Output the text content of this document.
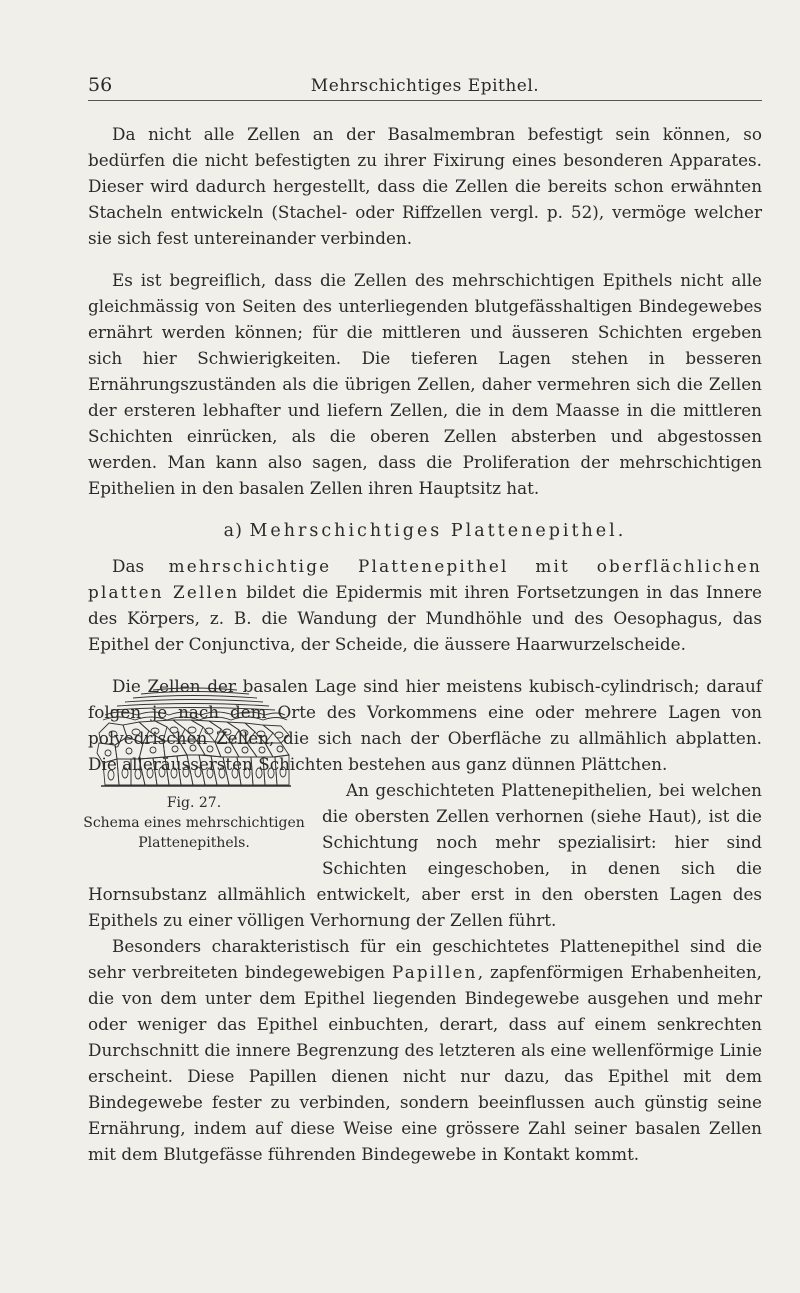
56	Mehrschichtiges Epithel.

Da nicht alle Zellen an der Basalmembran befestigt sein können, so bedürfen die nicht befestigten zu ihrer Fixirung eines besonderen Apparates. Dieser wird dadurch hergestellt, dass die Zellen die bereits schon erwähnten Stacheln entwickeln (Stachel- oder Riffzellen vergl. p. 52), vermöge welcher sie sich fest untereinander verbinden.

Es ist begreiflich, dass die Zellen des mehrschichtigen Epithels nicht alle gleichmässig von Seiten des unterliegenden blutgefässhaltigen Bindegewebes ernährt werden können; für die mittleren und äusseren Schichten ergeben sich hier Schwierigkeiten. Die tieferen Lagen stehen in besseren Ernährungszuständen als die übrigen Zellen, daher vermehren sich die Zellen der ersteren lebhafter und liefern Zellen, die in dem Maasse in die mittleren Schichten einrücken, als die oberen Zellen absterben und abgestossen werden. Man kann also sagen, dass die Proliferation der mehrschichtigen Epithelien in den basalen Zellen ihren Hauptsitz hat.

a) Mehrschichtiges Plattenepithel.

Das mehrschichtige Plattenepithel mit oberflächlichen platten Zellen bildet die Epidermis mit ihren Fortsetzungen in das Innere des Körpers, z. B. die Wandung der Mundhöhle und des Oesophagus, das Epithel der Conjunctiva, der Scheide, die äussere Haarwurzelscheide.

Die Zellen der basalen Lage sind hier meistens kubisch-cylindrisch; darauf folgen je nach dem Orte des Vorkommens eine oder mehrere Lagen von polyedrischen Zellen, die sich nach der Oberfläche zu allmählich abplatten. Die alleräussersten Schichten bestehen aus ganz dünnen Plättchen.

Fig. 27.
Schema eines mehrschichtigen Plattenepithels.

An geschichteten Plattenepithelien, bei welchen die obersten Zellen verhornen (siehe Haut), ist die Schichtung noch mehr spezialisirt: hier sind Schichten eingeschoben, in denen sich die Hornsubstanz allmählich entwickelt, aber erst in den obersten Lagen des Epithels zu einer völligen Verhornung der Zellen führt.

Besonders charakteristisch für ein geschichtetes Plattenepithel sind die sehr verbreiteten bindegewebigen Papillen, zapfenförmigen Erhabenheiten, die von dem unter dem Epithel liegenden Bindegewebe ausgehen und mehr oder weniger das Epithel einbuchten, derart, dass auf einem senkrechten Durchschnitt die innere Begrenzung des letzteren als eine wellenförmige Linie erscheint. Diese Papillen dienen nicht nur dazu, das Epithel mit dem Bindegewebe fester zu verbinden, sondern beeinflussen auch günstig seine Ernährung, indem auf diese Weise eine grössere Zahl seiner basalen Zellen mit dem Blutgefässe führenden Bindegewebe in Kontakt kommt.
